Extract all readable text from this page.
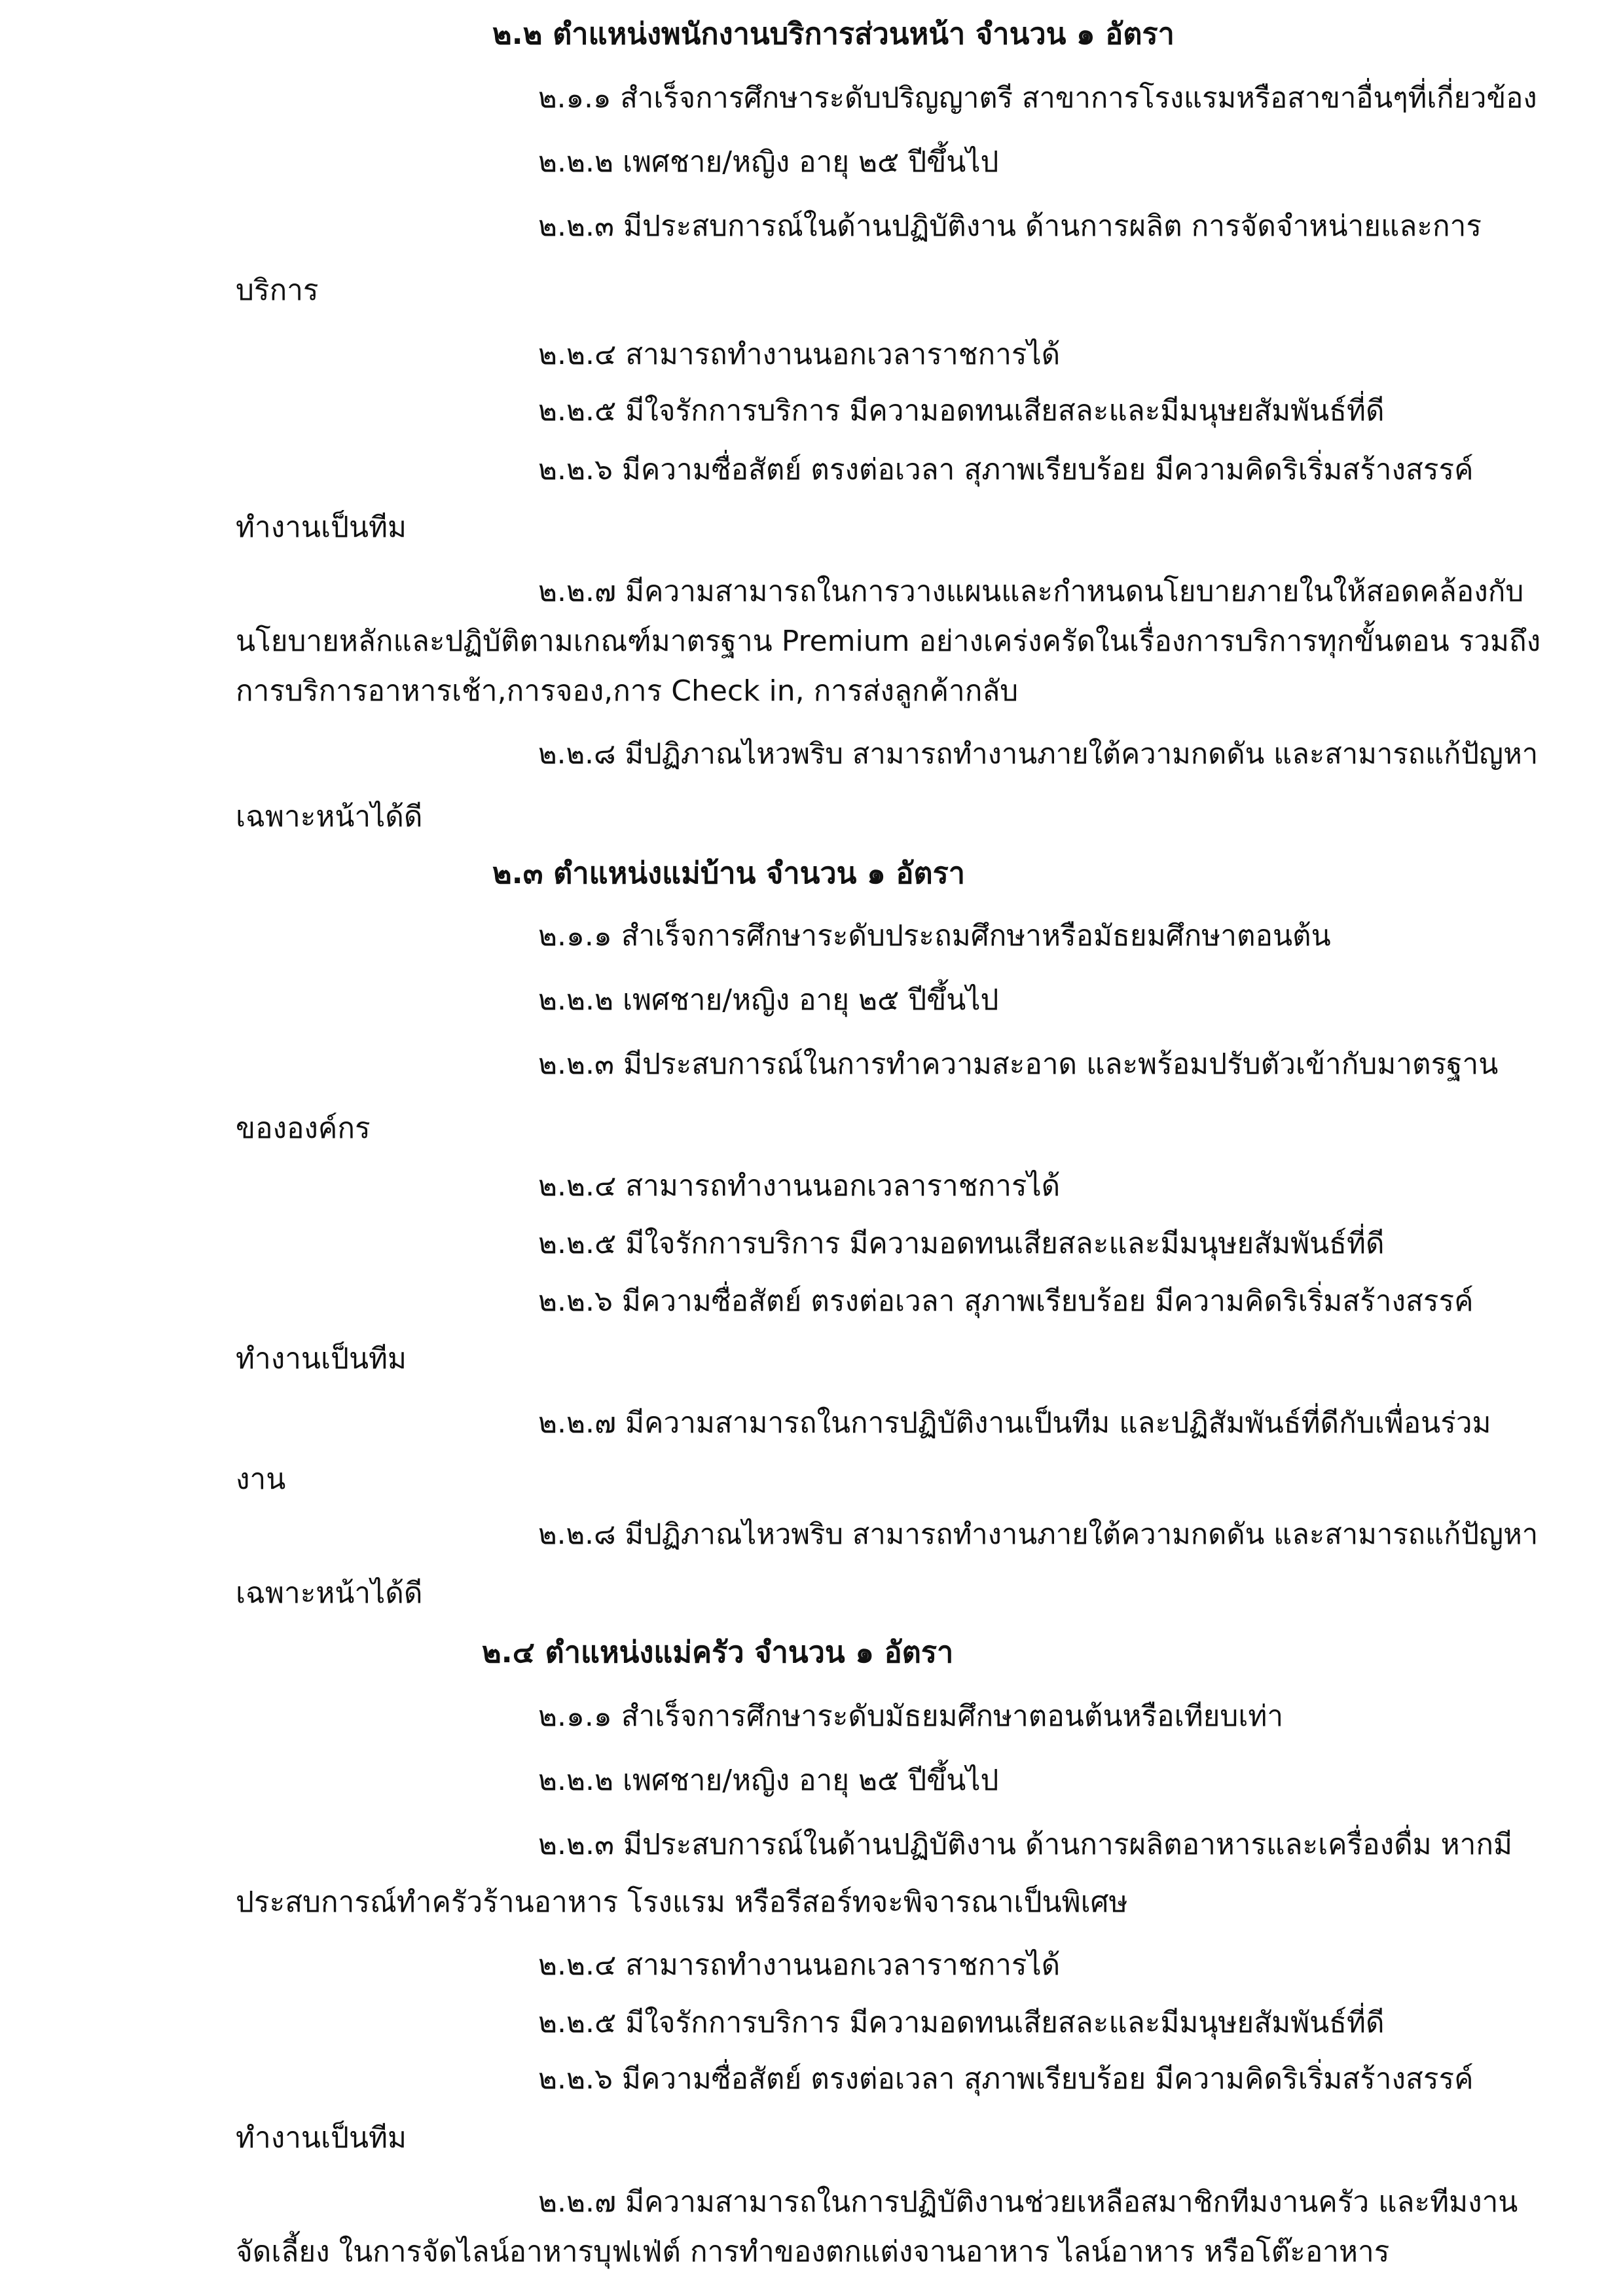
๒.๒ ตำแหน่งพนักงานบริการส่วนหน้า จำนวน ๑ อัตรา
๒.๑.๑ สำเร็จการศึกษาระดับปริญญาตรี สาขาการโรงแรมหรือสาขาอื่นๆที่เกี่ยวข้อง
๒.๒.๒ เพศชาย/หญิง อายุ ๒๕ ปีขึ้นไป
๒.๒.๓ มีประสบการณ์ในด้านปฏิบัติงาน ด้านการผลิต การจัดจำหน่ายและการ
บริการ
๒.๒.๔ สามารถทำงานนอกเวลาราชการได้
๒.๒.๕ มีใจรักการบริการ มีความอดทนเสียสละและมีมนุษยสัมพันธ์ที่ดี
๒.๒.๖ มีความซื่อสัตย์ ตรงต่อเวลา สุภาพเรียบร้อย มีความคิดริเริ่มสร้างสรรค์
ทำงานเป็นทีม
๒.๒.๗ มีความสามารถในการวางแผนและกำหนดนโยบายภายในให้สอดคล้องกับ
นโยบายหลักและปฏิบัติตามเกณฑ์มาตรฐาน Premium อย่างเคร่งครัดในเรื่องการบริการทุกขั้นตอน รวมถึง
การบริการอาหารเช้า,การจอง,การ Check in, การส่งลูกค้ากลับ
๒.๒.๘ มีปฏิภาณไหวพริบ สามารถทำงานภายใต้ความกดดัน และสามารถแก้ปัญหา
เฉพาะหน้าได้ดี
๒.๓ ตำแหน่งแม่บ้าน จำนวน ๑ อัตรา
๒.๑.๑ สำเร็จการศึกษาระดับประถมศึกษาหรือมัธยมศึกษาตอนต้น
๒.๒.๒ เพศชาย/หญิง อายุ ๒๕ ปีขึ้นไป
๒.๒.๓ มีประสบการณ์ในการทำความสะอาด และพร้อมปรับตัวเข้ากับมาตรฐาน
ขององค์กร
๒.๒.๔ สามารถทำงานนอกเวลาราชการได้
๒.๒.๕ มีใจรักการบริการ มีความอดทนเสียสละและมีมนุษยสัมพันธ์ที่ดี
๒.๒.๖ มีความซื่อสัตย์ ตรงต่อเวลา สุภาพเรียบร้อย มีความคิดริเริ่มสร้างสรรค์
ทำงานเป็นทีม
๒.๒.๗ มีความสามารถในการปฏิบัติงานเป็นทีม และปฏิสัมพันธ์ที่ดีกับเพื่อนร่วม
งาน
๒.๒.๘ มีปฏิภาณไหวพริบ สามารถทำงานภายใต้ความกดดัน และสามารถแก้ปัญหา
เฉพาะหน้าได้ดี
๒.๔ ตำแหน่งแม่ครัว จำนวน ๑ อัตรา
๒.๑.๑ สำเร็จการศึกษาระดับมัธยมศึกษาตอนต้นหรือเทียบเท่า
๒.๒.๒ เพศชาย/หญิง อายุ ๒๕ ปีขึ้นไป
๒.๒.๓ มีประสบการณ์ในด้านปฏิบัติงาน ด้านการผลิตอาหารและเครื่องดื่ม หากมี
ประสบการณ์ทำครัวร้านอาหาร โรงแรม หรือรีสอร์ทจะพิจารณาเป็นพิเศษ
๒.๒.๔ สามารถทำงานนอกเวลาราชการได้
๒.๒.๕ มีใจรักการบริการ มีความอดทนเสียสละและมีมนุษยสัมพันธ์ที่ดี
๒.๒.๖ มีความซื่อสัตย์ ตรงต่อเวลา สุภาพเรียบร้อย มีความคิดริเริ่มสร้างสรรค์
ทำงานเป็นทีม
๒.๒.๗ มีความสามารถในการปฏิบัติงานช่วยเหลือสมาชิกทีมงานครัว และทีมงาน
จัดเลี้ยง ในการจัดไลน์อาหารบุฟเฟ่ต์ การทำของตกแต่งจานอาหาร ไลน์อาหาร หรือโต๊ะอาหาร
